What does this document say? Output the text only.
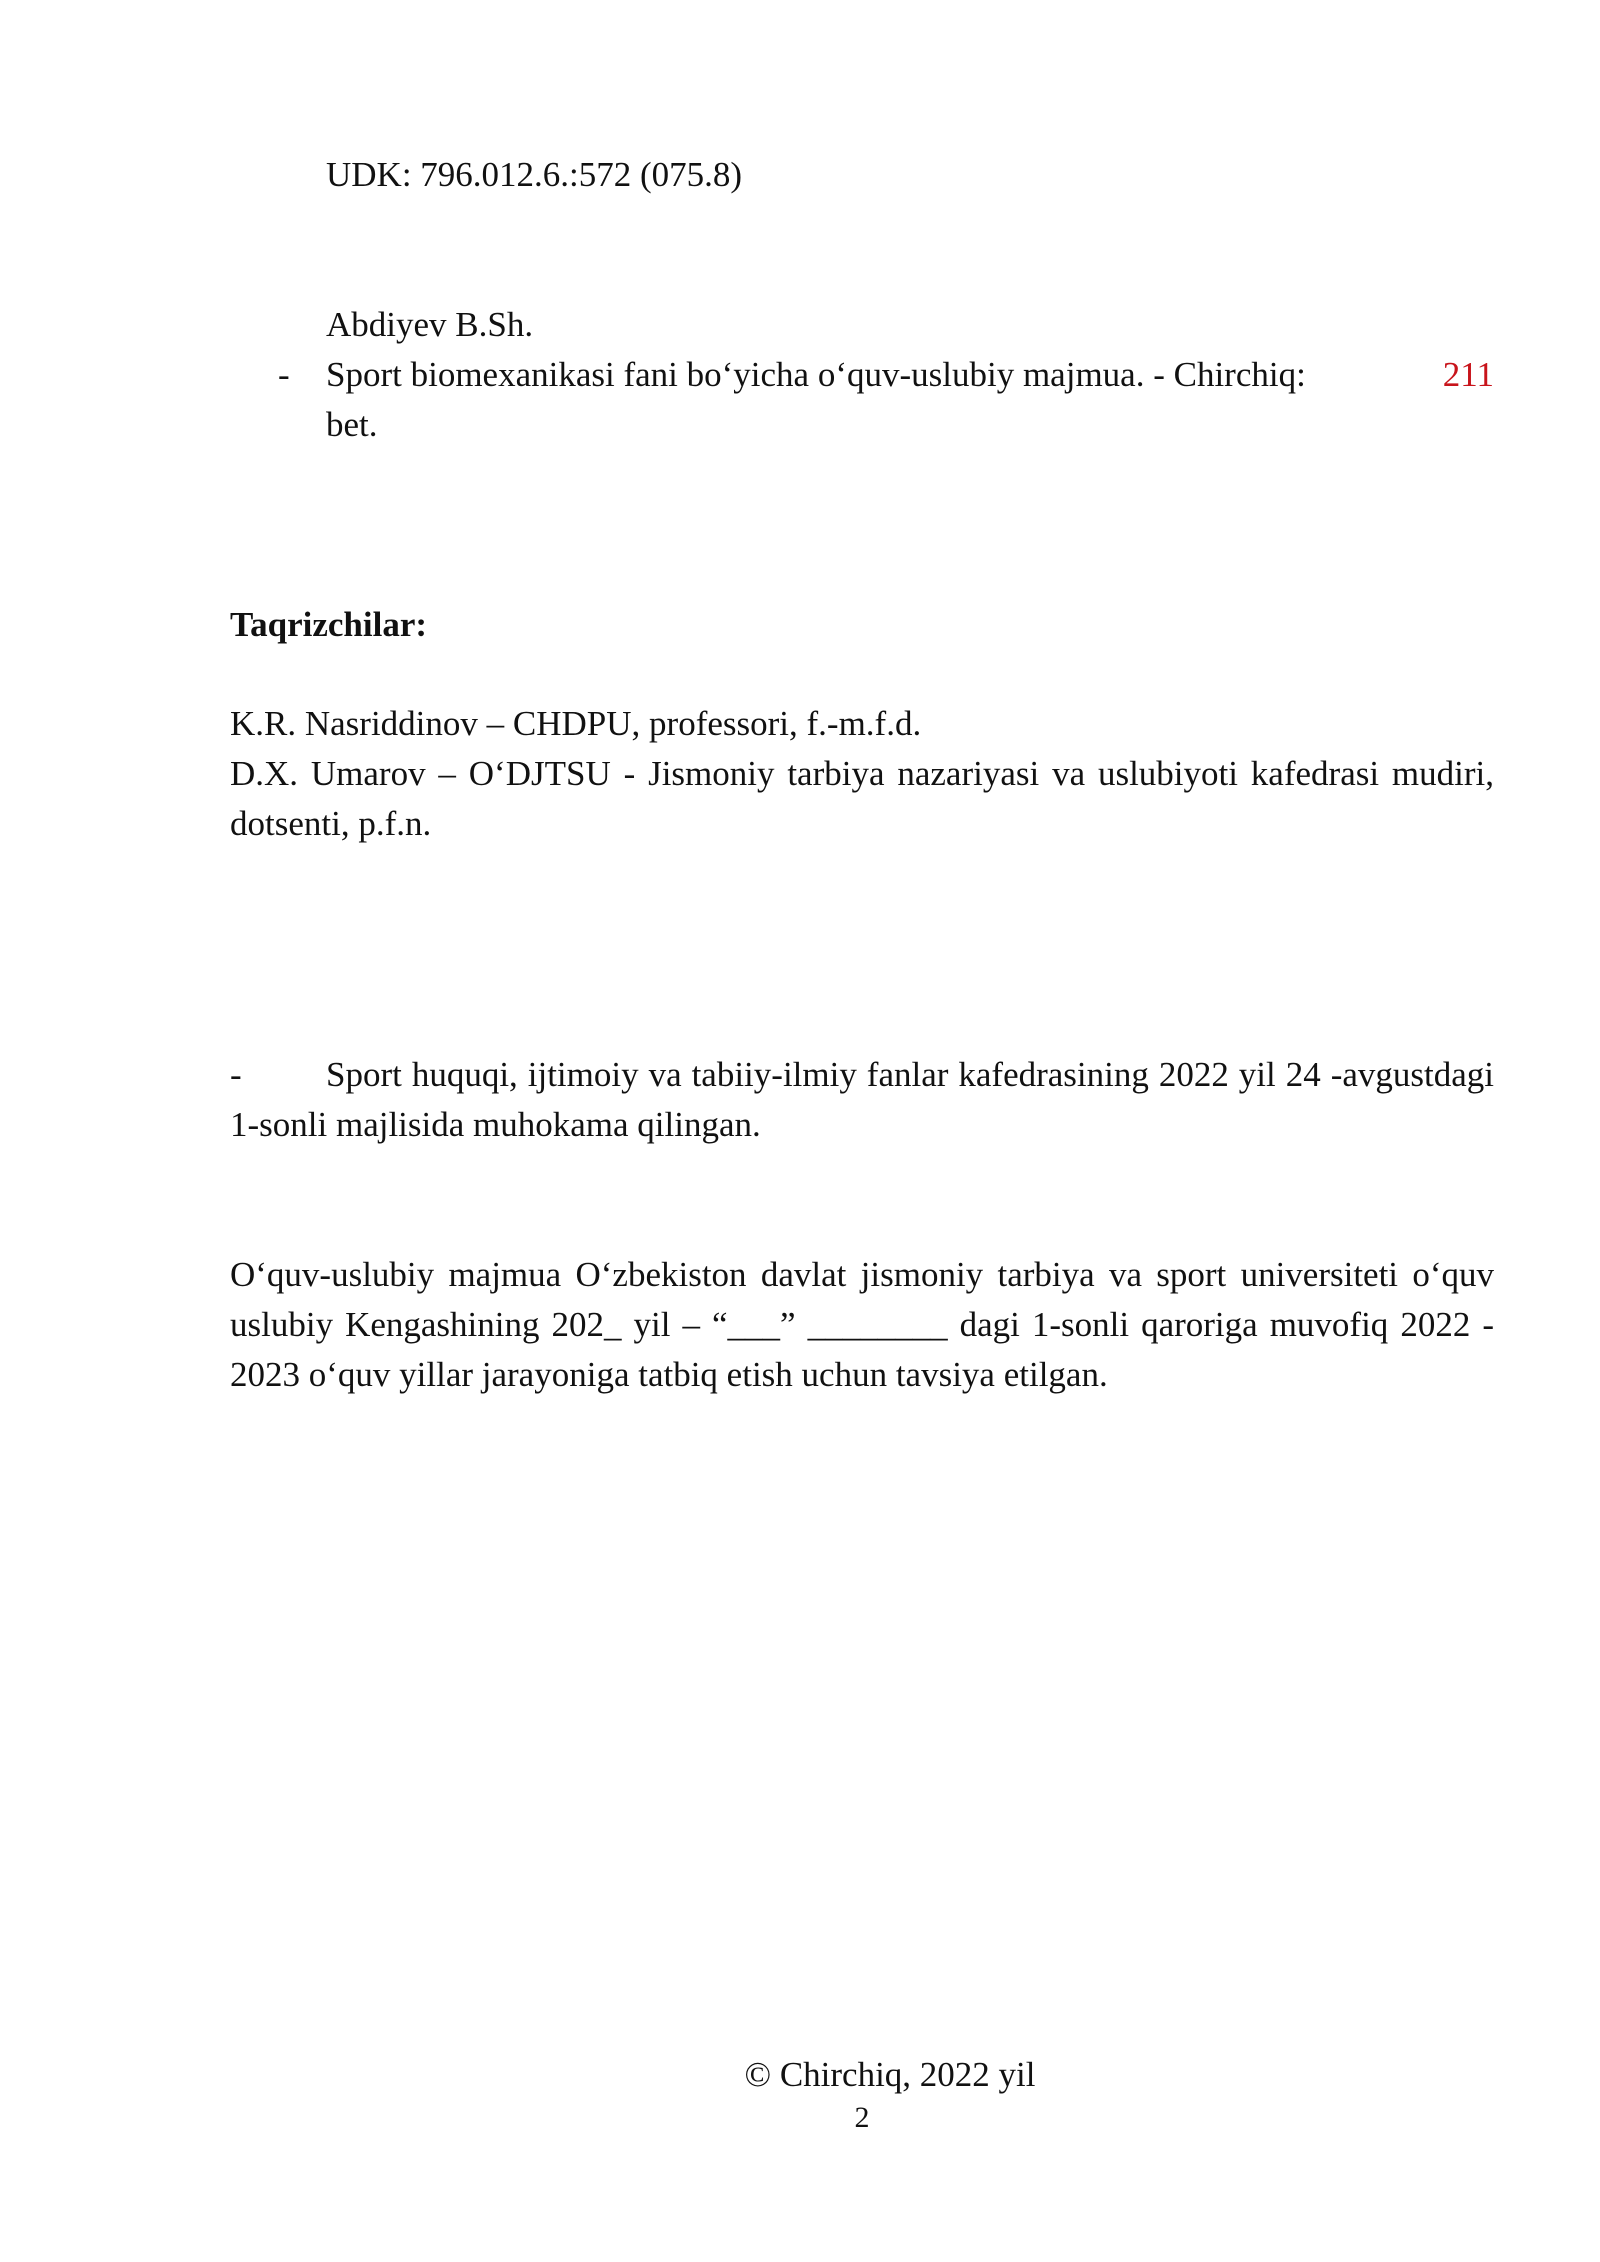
UDK: 796.012.6.:572 (075.8)
Abdiyev B.Sh.
- Sport biomexanikasi fani bo‘yicha o‘quv-uslubiy majmua. - Chirchiq:	211
bet.
Taqrizchilar:
K.R. Nasriddinov – CHDPU, professori, f.-m.f.d.
D.X. Umarov – O‘DJTSU - Jismoniy tarbiya nazariyasi va uslubiyoti kafedrasi mudiri, dotsenti, p.f.n.
- Sport huquqi, ijtimoiy va tabiiy-ilmiy fanlar kafedrasining 2022 yil 24 -avgustdagi 1-sonli majlisida muhokama qilingan.
O‘quv-uslubiy majmua O‘zbekiston davlat jismoniy tarbiya va sport universiteti o‘quv uslubiy Kengashining 202_ yil – “___” ________ dagi 1-sonli qaroriga muvofiq 2022 - 2023 o‘quv yillar jarayoniga tatbiq etish uchun tavsiya etilgan.
© Chirchiq, 2022 yil
2
